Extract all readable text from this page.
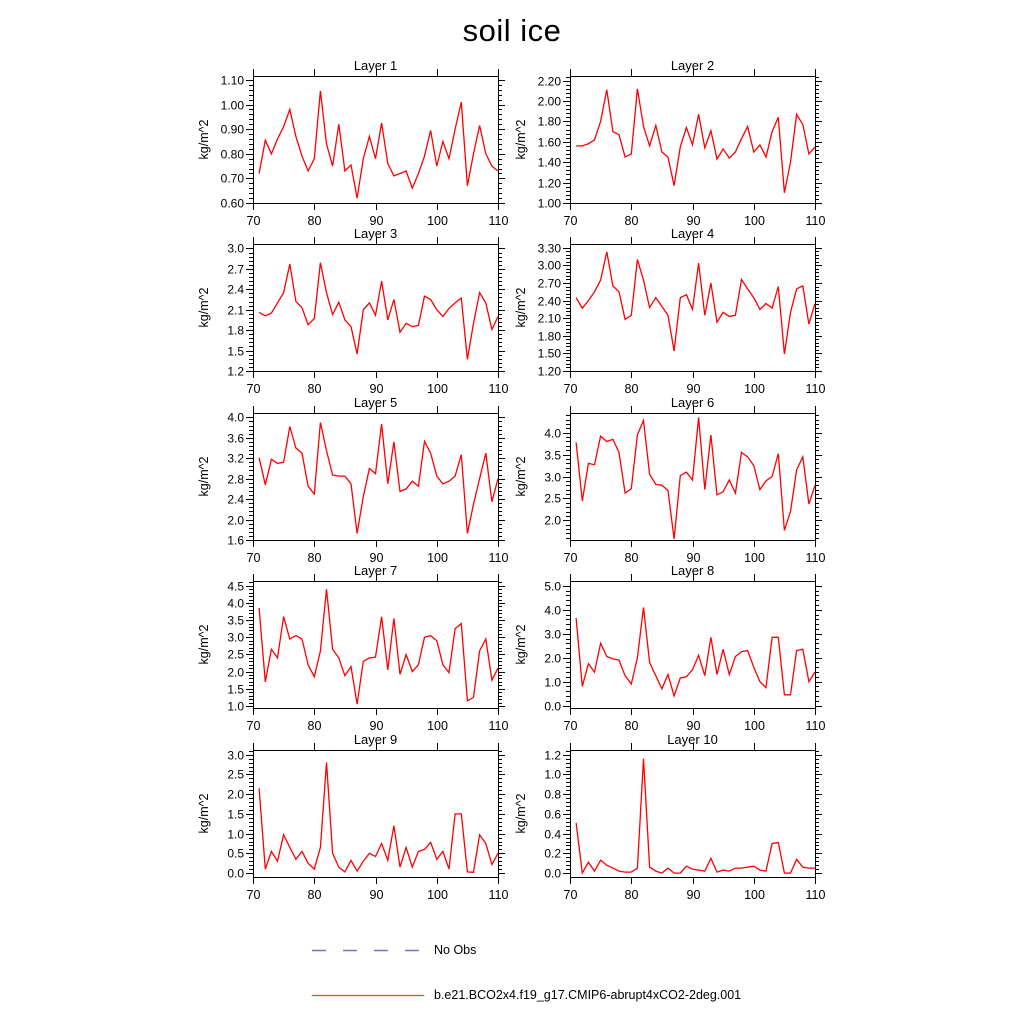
soil ice
70	80	90	100	110
0.60
0.70
0.80
0.90
1.00
1.10
Layer 1
kg/m^2
70	80	90	100	110
1.00
1.20
1.40
1.60
1.80
2.00
2.20
Layer 2
kg/m^2
70	80	90	100	110
1.2
1.5
1.8
2.1
2.4
2.7
3.0
Layer 3
kg/m^2
70	80	90	100	110
1.20
1.50
1.80
2.10
2.40
2.70
3.00
3.30
Layer 4
kg/m^2
70	80	90	100	110
1.6
2.0
2.4
2.8
3.2
3.6
4.0
Layer 5
kg/m^2
70	80	90	100	110
2.0
2.5
3.0
3.5
4.0
Layer 6
kg/m^2
70	80	90	100	110
1.0
1.5
2.0
2.5
3.0
3.5
4.0
4.5
Layer 7
kg/m^2
70	80	90	100	110
0.0
1.0
2.0
3.0
4.0
5.0
Layer 8
kg/m^2
70	80	90	100	110
0.0
0.5
1.0
1.5
2.0
2.5
3.0
Layer 9
kg/m^2
70	80	90	100	110
0.0
0.2
0.4
0.6
0.8
1.0
1.2
Layer 10
kg/m^2
No Obs
b.e21.BCO2x4.f19_g17.CMIP6-abrupt4xCO2-2deg.001
